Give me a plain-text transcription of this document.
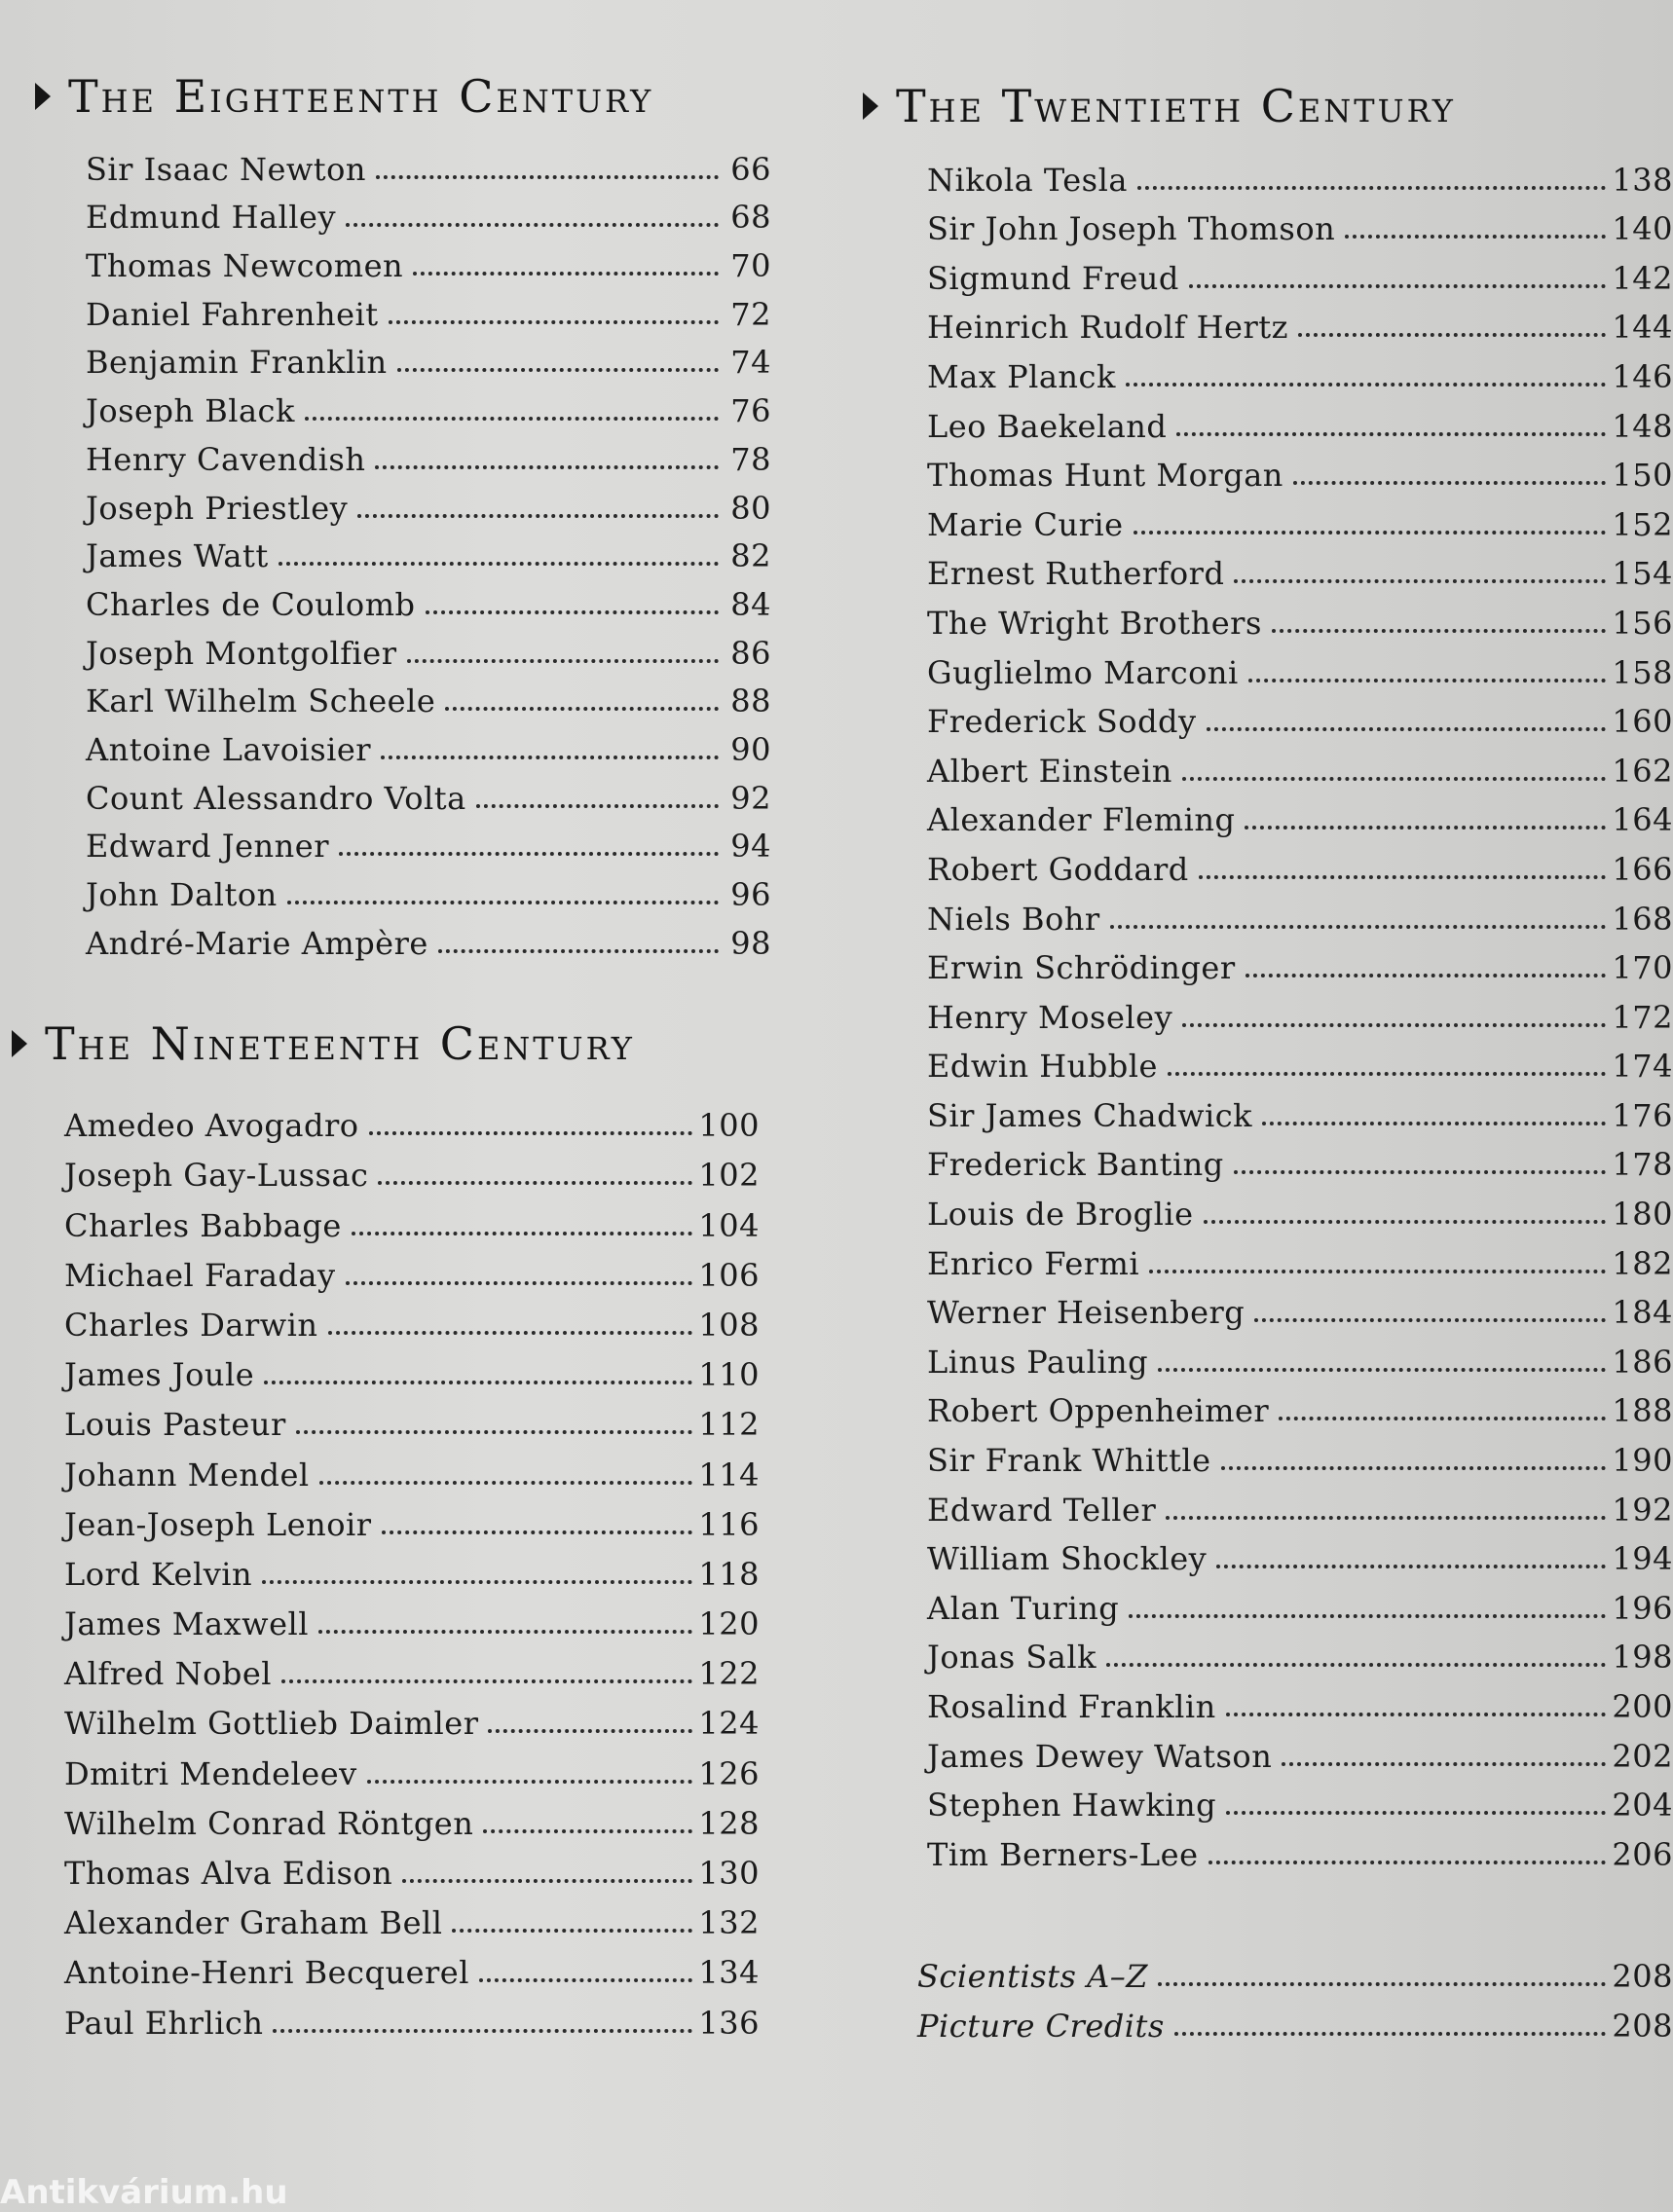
The Eighteenth Century
Sir Isaac Newton	66
Edmund Halley	68
Thomas Newcomen	70
Daniel Fahrenheit	72
Benjamin Franklin	74
Joseph Black	76
Henry Cavendish	78
Joseph Priestley	80
James Watt	82
Charles de Coulomb	84
Joseph Montgolfier	86
Karl Wilhelm Scheele	88
Antoine Lavoisier	90
Count Alessandro Volta	92
Edward Jenner	94
John Dalton	96
André-Marie Ampère	98
The Nineteenth Century
Amedeo Avogadro	100
Joseph Gay-Lussac	102
Charles Babbage	104
Michael Faraday	106
Charles Darwin	108
James Joule	110
Louis Pasteur	112
Johann Mendel	114
Jean-Joseph Lenoir	116
Lord Kelvin	118
James Maxwell	120
Alfred Nobel	122
Wilhelm Gottlieb Daimler	124
Dmitri Mendeleev	126
Wilhelm Conrad Röntgen	128
Thomas Alva Edison	130
Alexander Graham Bell	132
Antoine-Henri Becquerel	134
Paul Ehrlich	136
The Twentieth Century
Nikola Tesla	138
Sir John Joseph Thomson	140
Sigmund Freud	142
Heinrich Rudolf Hertz	144
Max Planck	146
Leo Baekeland	148
Thomas Hunt Morgan	150
Marie Curie	152
Ernest Rutherford	154
The Wright Brothers	156
Guglielmo Marconi	158
Frederick Soddy	160
Albert Einstein	162
Alexander Fleming	164
Robert Goddard	166
Niels Bohr	168
Erwin Schrödinger	170
Henry Moseley	172
Edwin Hubble	174
Sir James Chadwick	176
Frederick Banting	178
Louis de Broglie	180
Enrico Fermi	182
Werner Heisenberg	184
Linus Pauling	186
Robert Oppenheimer	188
Sir Frank Whittle	190
Edward Teller	192
William Shockley	194
Alan Turing	196
Jonas Salk	198
Rosalind Franklin	200
James Dewey Watson	202
Stephen Hawking	204
Tim Berners-Lee	206
Scientists A–Z	208
Picture Credits	208
Antikvárium.hu
